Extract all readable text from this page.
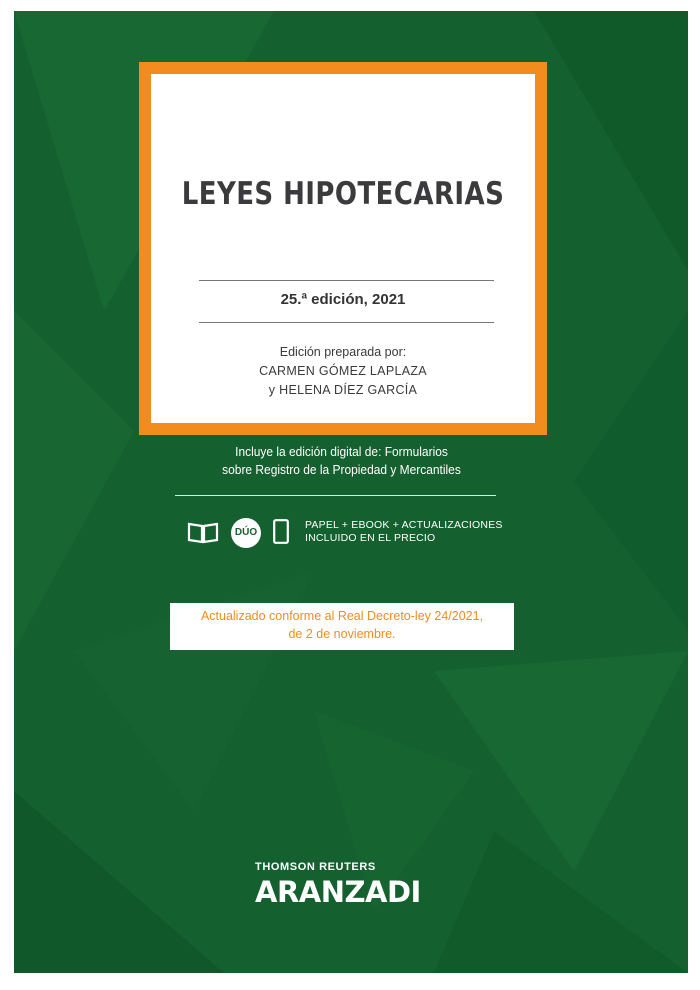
LEYES HIPOTECARIAS
25.ª edición, 2021
Edición preparada por:
CARMEN GÓMEZ LAPLAZA
y HELENA DÍEZ GARCÍA
Incluye la edición digital de: Formularios
sobre Registro de la Propiedad y Mercantiles
DÚO
PAPEL + EBOOK + ACTUALIZACIONES
INCLUIDO EN EL PRECIO
Actualizado conforme al Real Decreto-ley 24/2021,
de 2 de noviembre.
THOMSON REUTERS
ARANZADI
